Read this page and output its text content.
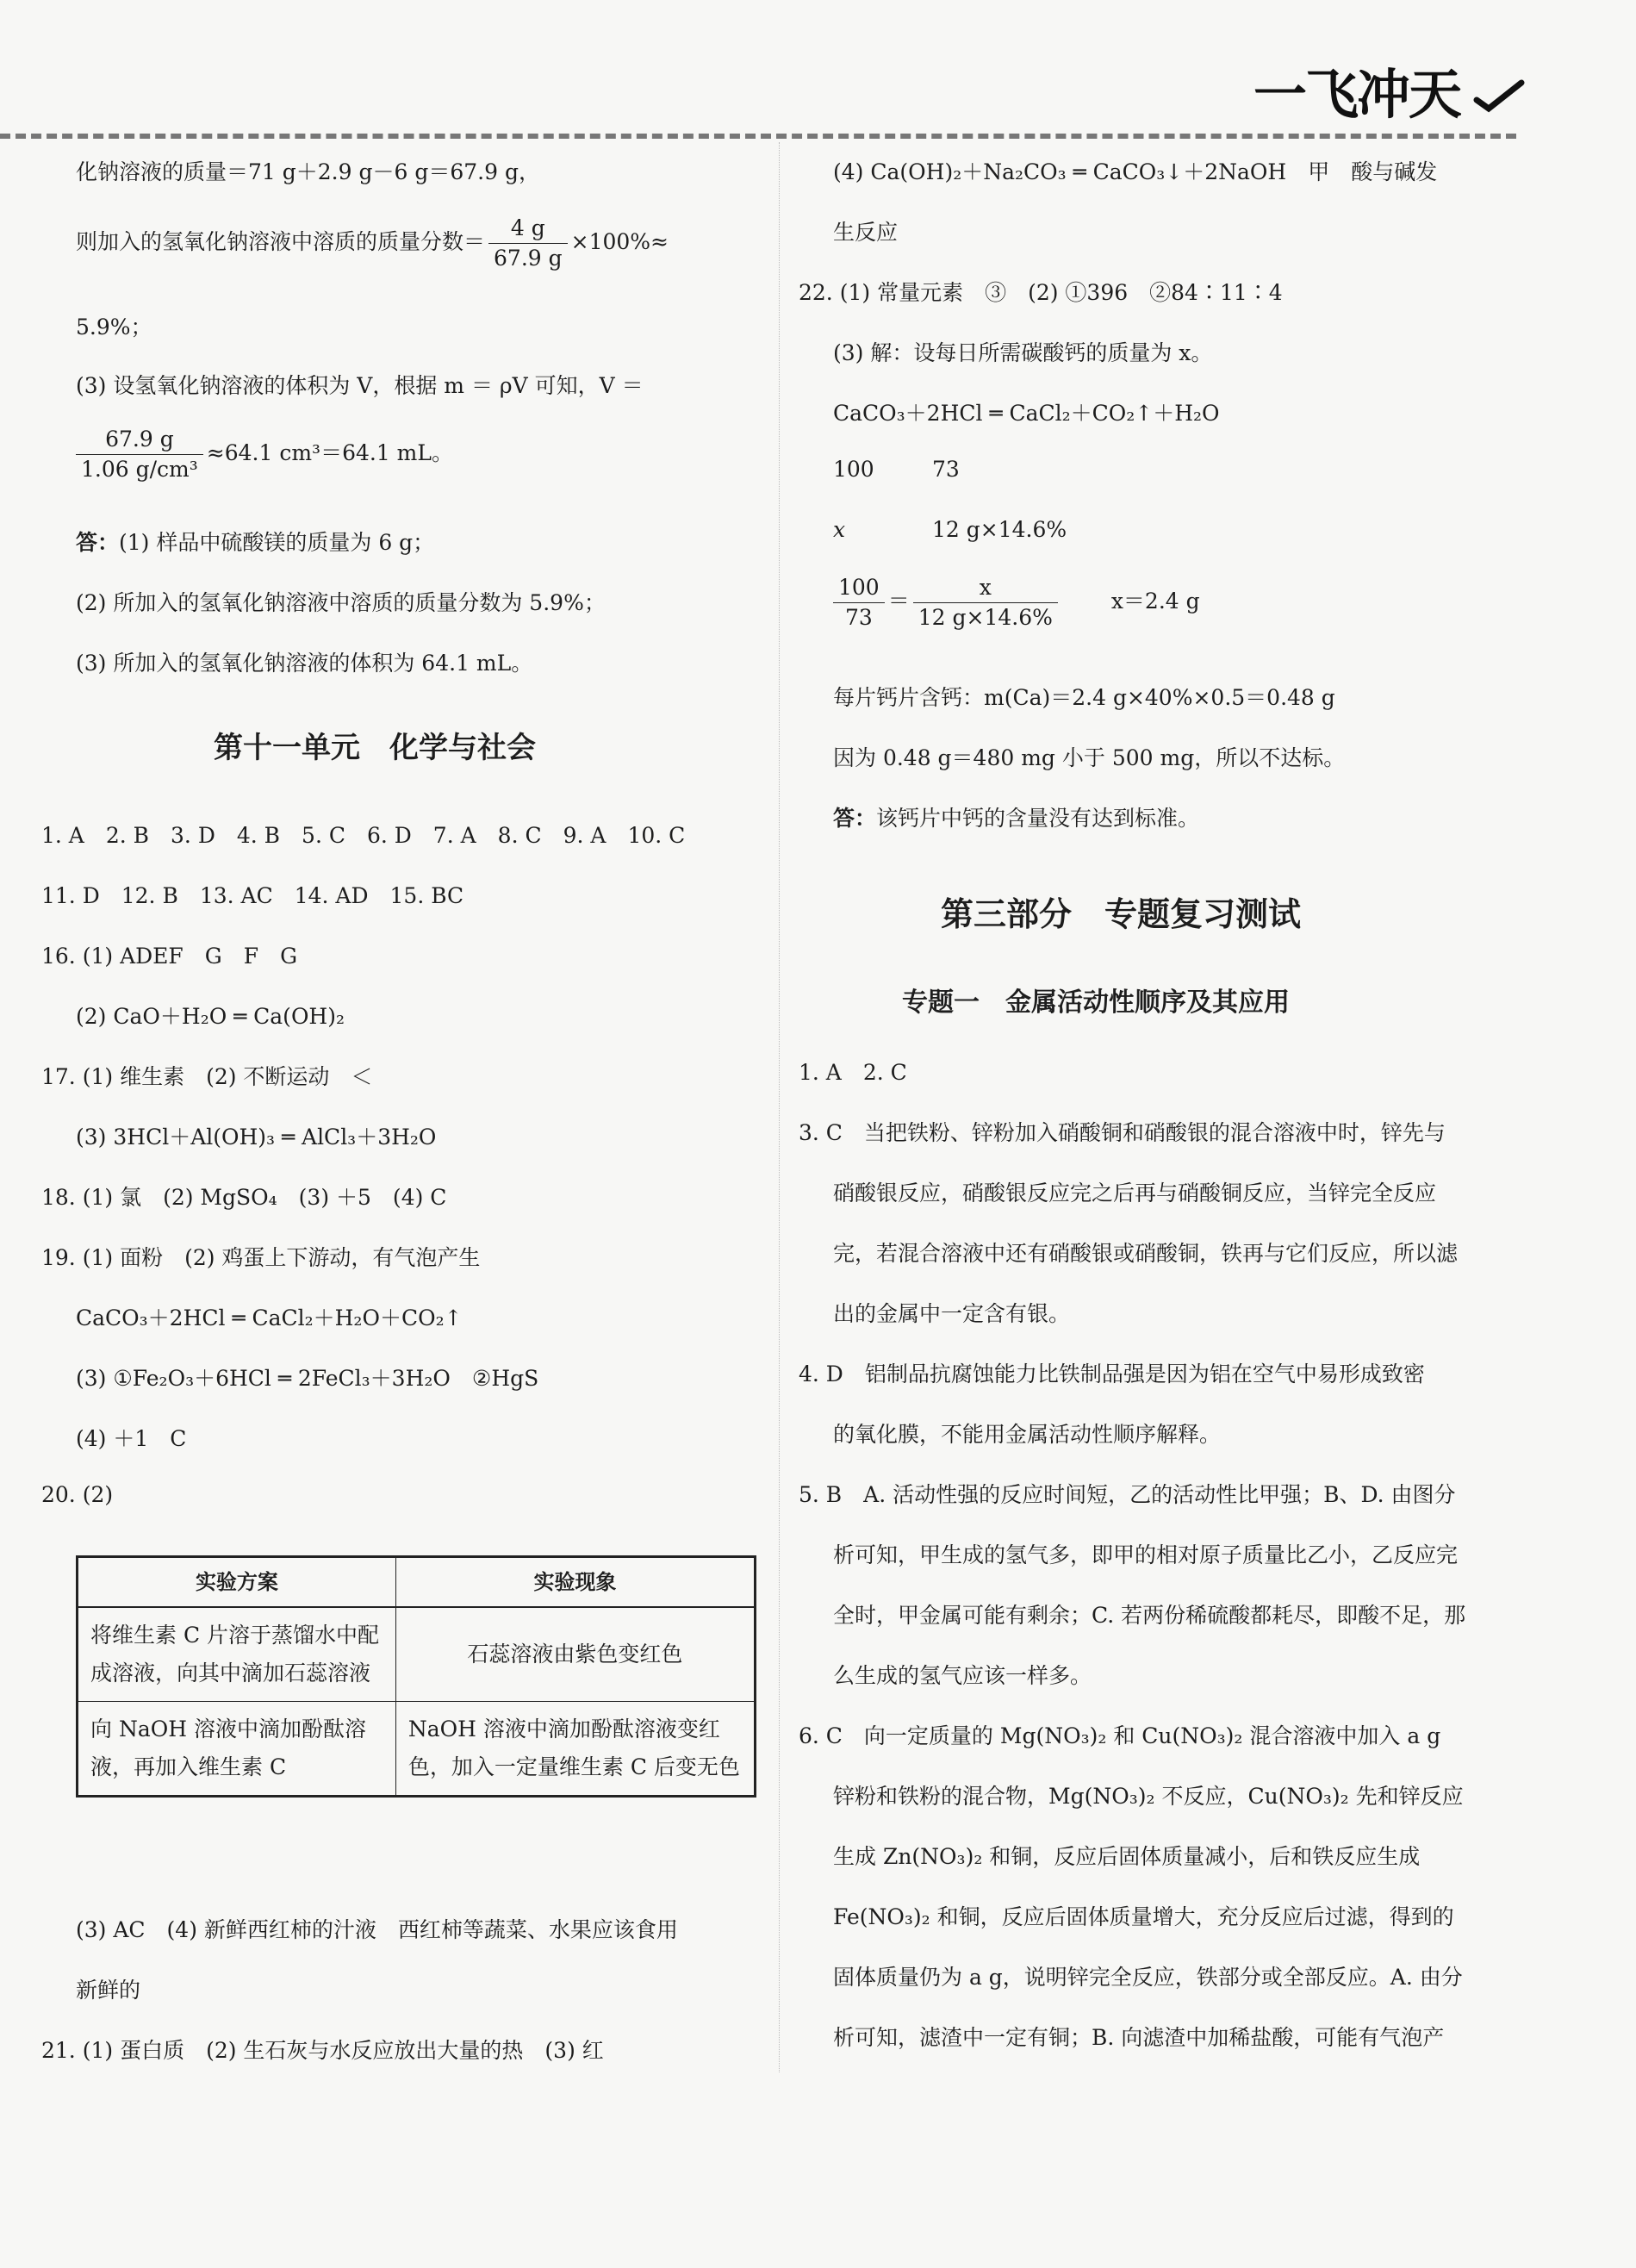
一飞冲天
化钠溶液的质量＝71 g＋2.9 g－6 g＝67.9 g，
则加入的氢氧化钠溶液中溶质的质量分数＝ $\frac{4 g}{67.9 g} \times 100\%\approx$
5.9%；
(3) 设氢氧化钠溶液的体积为 V，根据 m ＝ ρV 可知，V ＝
$\frac{67.9 g}{\text{1.06 g/cm³}} \approx 64.1$ cm³＝64.1 mL。
答：(1) 样品中硫酸镁的质量为 6 g；
(2) 所加入的氢氧化钠溶液中溶质的质量分数为 5.9%；
(3) 所加入的氢氧化钠溶液的体积为 64.1 mL。
第十一单元　化学与社会
1. A　2. B　3. D　4. B　5. C　6. D　7. A　8. C　9. A　10. C
11. D　12. B　13. AC　14. AD　15. BC
16. (1) ADEF　G　F　G
(2) CaO＋H₂O ═ Ca(OH)₂
17. (1) 维生素　(2) 不断运动　＜
(3) 3HCl＋Al(OH)₃ ═ AlCl₃＋3H₂O
18. (1) 氯　(2) MgSO₄　(3) ＋5　(4) C
19. (1) 面粉　(2) 鸡蛋上下游动，有气泡产生
CaCO₃＋2HCl ═ CaCl₂＋H₂O＋CO₂↑
(3) ①Fe₂O₃＋6HCl ═ 2FeCl₃＋3H₂O　②HgS
(4) ＋1　C
20. (2)
实验方案	实验现象
将维生素 C 片溶于蒸馏水中配成溶液，向其中滴加石蕊溶液	石蕊溶液由紫色变红色
向 NaOH 溶液中滴加酚酞溶液，再加入维生素 C	NaOH 溶液中滴加酚酞溶液变红色，加入一定量维生素 C 后变无色
(3) AC　(4) 新鲜西红柿的汁液　西红柿等蔬菜、水果应该食用
新鲜的
21. (1) 蛋白质　(2) 生石灰与水反应放出大量的热　(3) 红
(4) Ca(OH)₂＋Na₂CO₃ ═ CaCO₃↓＋2NaOH　甲　酸与碱发
生反应
22. (1) 常量元素　③　(2) ①396　②84∶11∶4
(3) 解：设每日所需碳酸钙的质量为 x。
CaCO₃＋2HCl ═ CaCl₂＋CO₂↑＋H₂O
100	73
x	12 g×14.6%
$\frac{100}{73} = \frac{x}{12 g\times 14.6\%} x=2.4$ g
每片钙片含钙：m(Ca)＝2.4 g×40%×0.5＝0.48 g
因为 0.48 g＝480 mg 小于 500 mg，所以不达标。
答：该钙片中钙的含量没有达到标准。
第三部分　专题复习测试
专题一　金属活动性顺序及其应用
1. A　2. C
3. C　当把铁粉、锌粉加入硝酸铜和硝酸银的混合溶液中时，锌先与
硝酸银反应，硝酸银反应完之后再与硝酸铜反应，当锌完全反应
完，若混合溶液中还有硝酸银或硝酸铜，铁再与它们反应，所以滤
出的金属中一定含有银。
4. D　铝制品抗腐蚀能力比铁制品强是因为铝在空气中易形成致密
的氧化膜，不能用金属活动性顺序解释。
5. B　A. 活动性强的反应时间短，乙的活动性比甲强；B、D. 由图分
析可知，甲生成的氢气多，即甲的相对原子质量比乙小，乙反应完
全时，甲金属可能有剩余；C. 若两份稀硫酸都耗尽，即酸不足，那
么生成的氢气应该一样多。
6. C　向一定质量的 Mg(NO₃)₂ 和 Cu(NO₃)₂ 混合溶液中加入 a g
锌粉和铁粉的混合物，Mg(NO₃)₂ 不反应，Cu(NO₃)₂ 先和锌反应
生成 Zn(NO₃)₂ 和铜，反应后固体质量减小，后和铁反应生成
Fe(NO₃)₂ 和铜，反应后固体质量增大，充分反应后过滤，得到的
固体质量仍为 a g，说明锌完全反应，铁部分或全部反应。A. 由分
析可知，滤渣中一定有铜；B. 向滤渣中加稀盐酸，可能有气泡产
